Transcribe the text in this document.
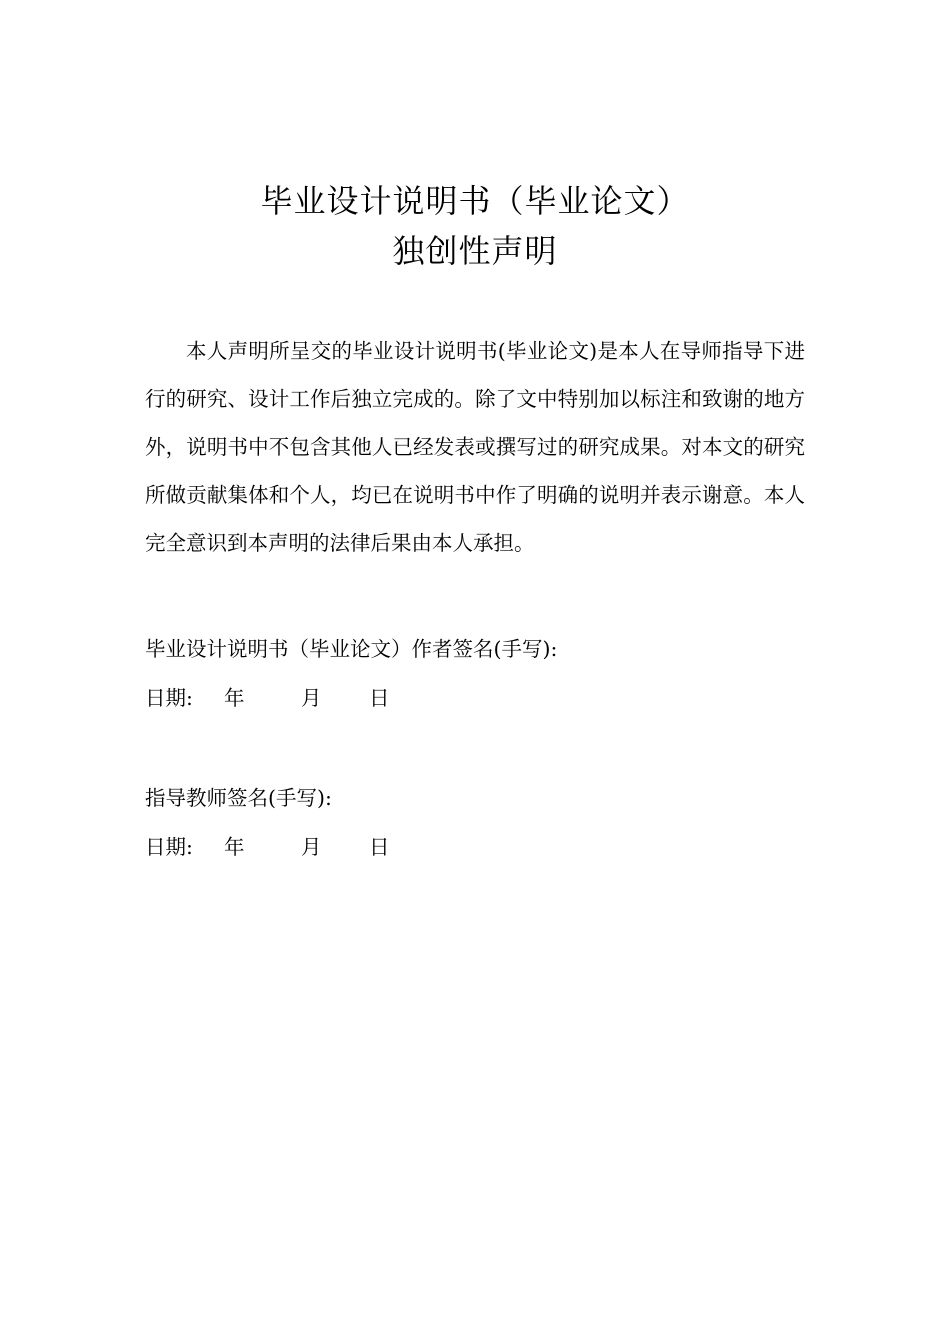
毕业设计说明书（毕业论文）
独创性声明

本人声明所呈交的毕业设计说明书(毕业论文)是本人在导师指导下进行的研究、设计工作后独立完成的。除了文中特别加以标注和致谢的地方外，说明书中不包含其他人已经发表或撰写过的研究成果。对本文的研究所做贡献集体和个人，均已在说明书中作了明确的说明并表示谢意。本人完全意识到本声明的法律后果由本人承担。

毕业设计说明书（毕业论文）作者签名(手写):
日期: 年	月 日
指导教师签名(手写):
日期: 年	月 日
